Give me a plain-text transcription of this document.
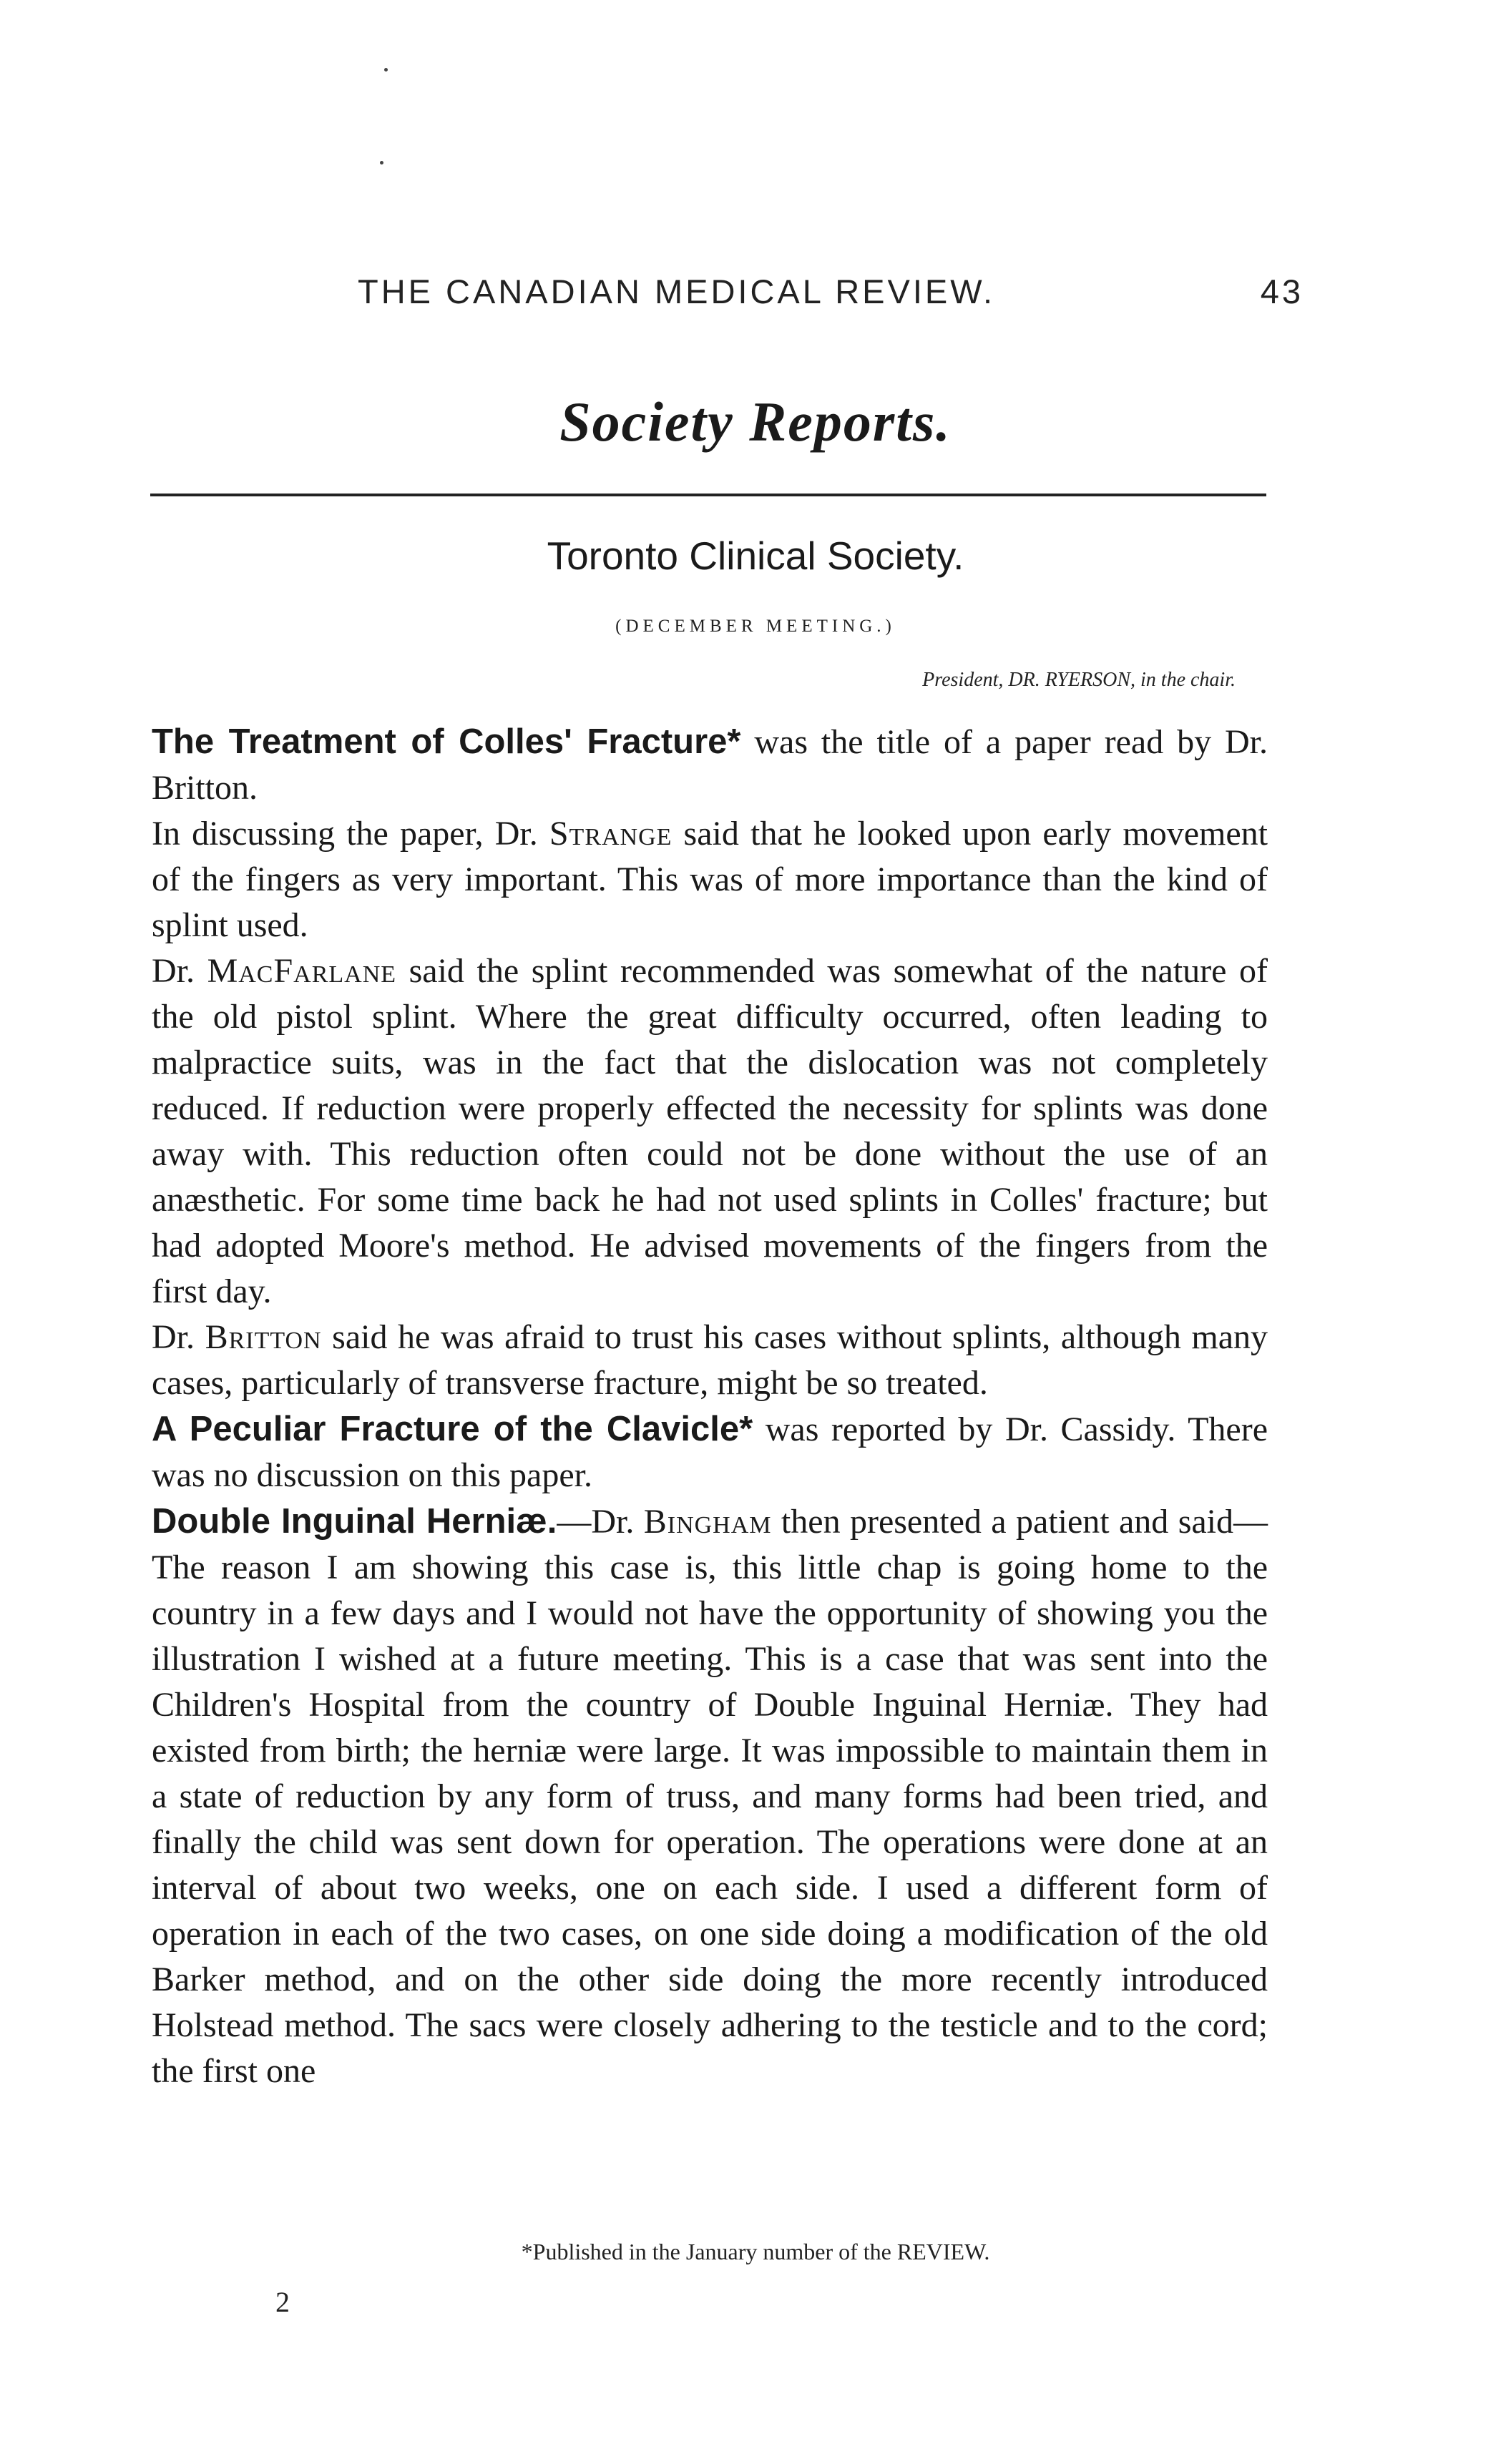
THE CANADIAN MEDICAL REVIEW.	43
Society Reports.
Toronto Clinical Society.
(DECEMBER MEETING.)
President, DR. RYERSON, in the chair.

The Treatment of Colles' Fracture* was the title of a paper read by Dr. Britton.

In discussing the paper, Dr. Strange said that he looked upon early movement of the fingers as very important. This was of more importance than the kind of splint used.

Dr. MacFarlane said the splint recommended was somewhat of the nature of the old pistol splint. Where the great difficulty occurred, often leading to malpractice suits, was in the fact that the dislocation was not completely reduced. If reduction were properly effected the necessity for splints was done away with. This reduction often could not be done without the use of an anæsthetic. For some time back he had not used splints in Colles' fracture; but had adopted Moore's method. He advised movements of the fingers from the first day.

Dr. Britton said he was afraid to trust his cases without splints, although many cases, particularly of transverse fracture, might be so treated.

A Peculiar Fracture of the Clavicle* was reported by Dr. Cassidy. There was no discussion on this paper.

Double Inguinal Herniæ.—Dr. Bingham then presented a patient and said—The reason I am showing this case is, this little chap is going home to the country in a few days and I would not have the opportunity of showing you the illustration I wished at a future meeting. This is a case that was sent into the Children's Hospital from the country of Double Inguinal Herniæ. They had existed from birth; the herniæ were large. It was impossible to maintain them in a state of reduction by any form of truss, and many forms had been tried, and finally the child was sent down for operation. The operations were done at an interval of about two weeks, one on each side. I used a different form of operation in each of the two cases, on one side doing a modification of the old Barker method, and on the other side doing the more recently introduced Holstead method. The sacs were closely adhering to the testicle and to the cord; the first one

*Published in the January number of the REVIEW.
2
